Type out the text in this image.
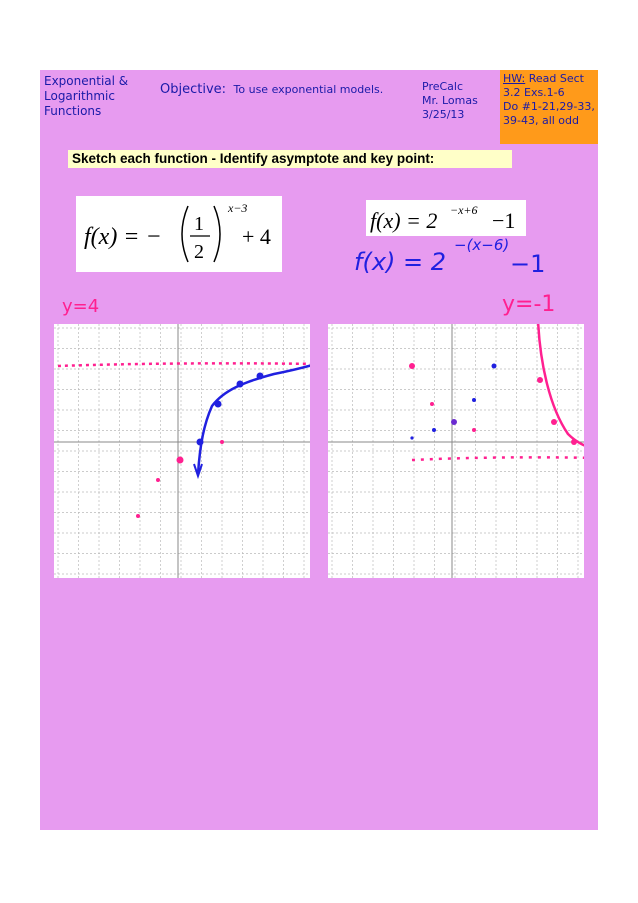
Exponential &
Logarithmic
Functions
Objective: To use exponential models.	PreCalc
Mr. Lomas
3/25/13
HW: Read Sect
3.2 Exs.1-6
Do #1-21,29-33,
39-43, all odd
Sketch each function - Identify asymptote and key point:
f(x) = − 1
2
x−3
+ 4
f(x) = 2 −x+6 −1
f(x) = 2
−(x−6)
−1
y=4	y=-1
